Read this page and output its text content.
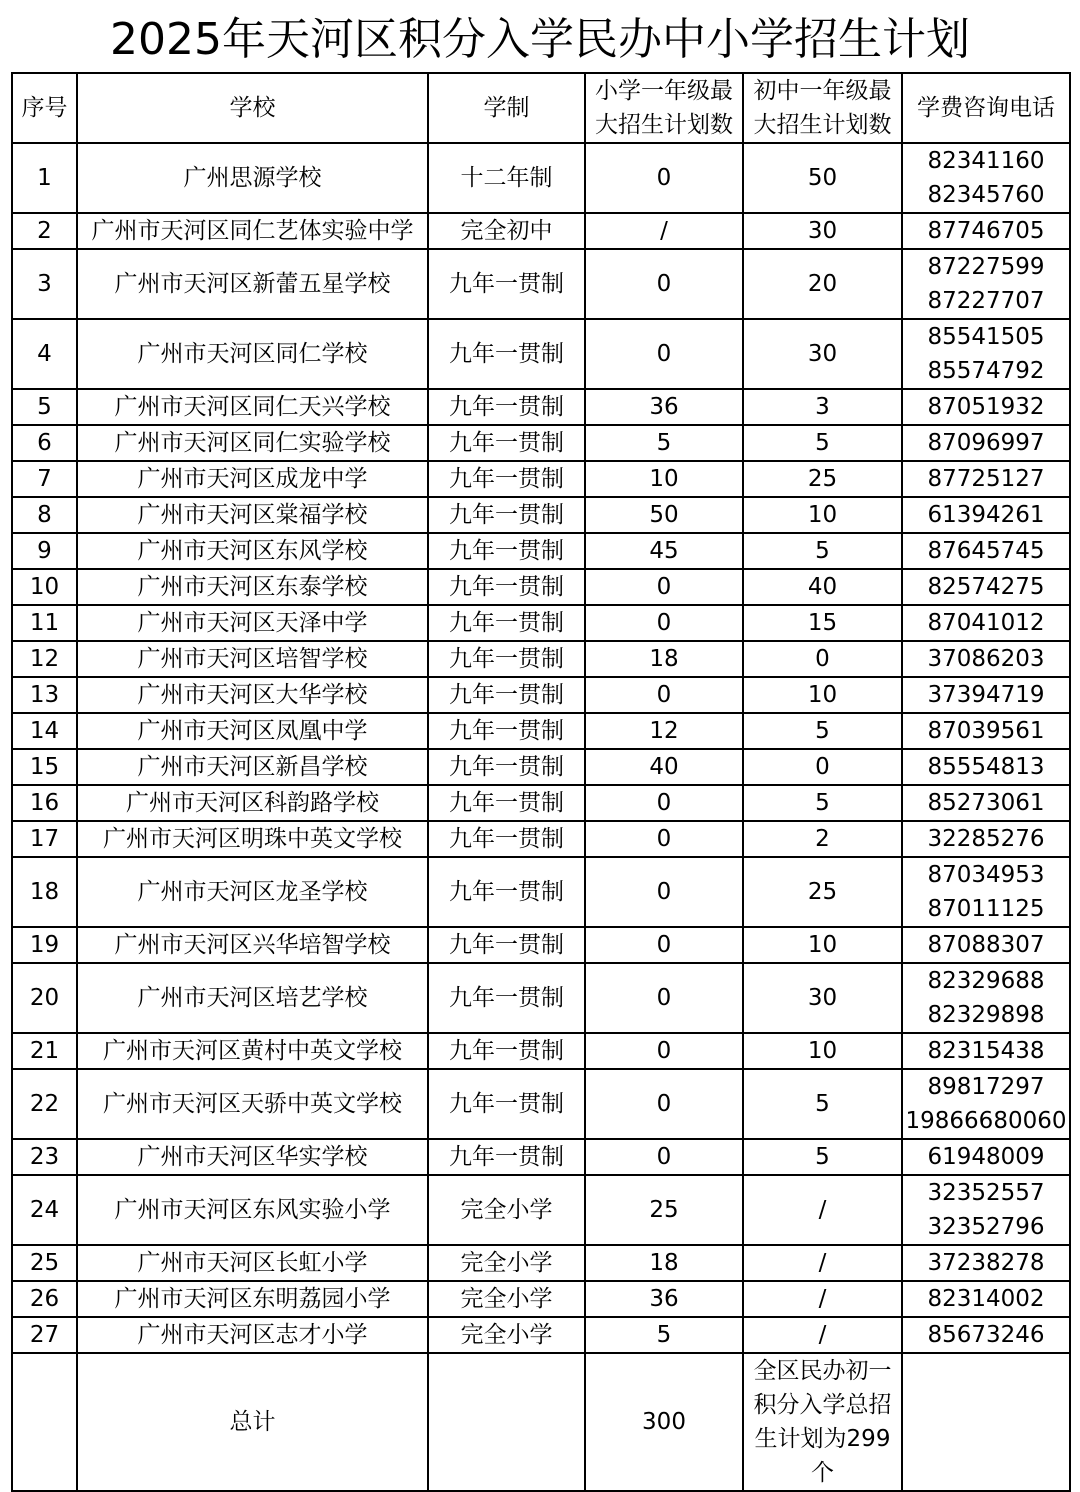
2025年天河区积分入学民办中小学招生计划
序号	学校	学制	小学一年级最
大招生计划数	初中一年级最
大招生计划数	学费咨询电话
1	广州思源学校	十二年制	0	50	82341160
82345760

2	广州市天河区同仁艺体实验中学	完全初中	/	30	87746705

3	广州市天河区新蕾五星学校	九年一贯制	0	20	87227599
87227707

4	广州市天河区同仁学校	九年一贯制	0	30	85541505
85574792

5	广州市天河区同仁天兴学校	九年一贯制	36	3	87051932

6	广州市天河区同仁实验学校	九年一贯制	5	5	87096997

7	广州市天河区成龙中学	九年一贯制	10	25	87725127

8	广州市天河区棠福学校	九年一贯制	50	10	61394261

9	广州市天河区东风学校	九年一贯制	45	5	87645745

10	广州市天河区东泰学校	九年一贯制	0	40	82574275

11	广州市天河区天泽中学	九年一贯制	0	15	87041012

12	广州市天河区培智学校	九年一贯制	18	0	37086203

13	广州市天河区大华学校	九年一贯制	0	10	37394719

14	广州市天河区凤凰中学	九年一贯制	12	5	87039561

15	广州市天河区新昌学校	九年一贯制	40	0	85554813

16	广州市天河区科韵路学校	九年一贯制	0	5	85273061

17	广州市天河区明珠中英文学校	九年一贯制	0	2	32285276

18	广州市天河区龙圣学校	九年一贯制	0	25	87034953
87011125

19	广州市天河区兴华培智学校	九年一贯制	0	10	87088307

20	广州市天河区培艺学校	九年一贯制	0	30	82329688
82329898

21	广州市天河区黄村中英文学校	九年一贯制	0	10	82315438

22	广州市天河区天骄中英文学校	九年一贯制	0	5	89817297
19866680060

23	广州市天河区华实学校	九年一贯制	0	5	61948009

24	广州市天河区东风实验小学	完全小学	25	/	32352557
32352796

25	广州市天河区长虹小学	完全小学	18	/	37238278

26	广州市天河区东明荔园小学	完全小学	36	/	82314002

27	广州市天河区志才小学	完全小学	5	/	85673246

	总计		300	全区民办初一积分入学总招生计划为299个	
